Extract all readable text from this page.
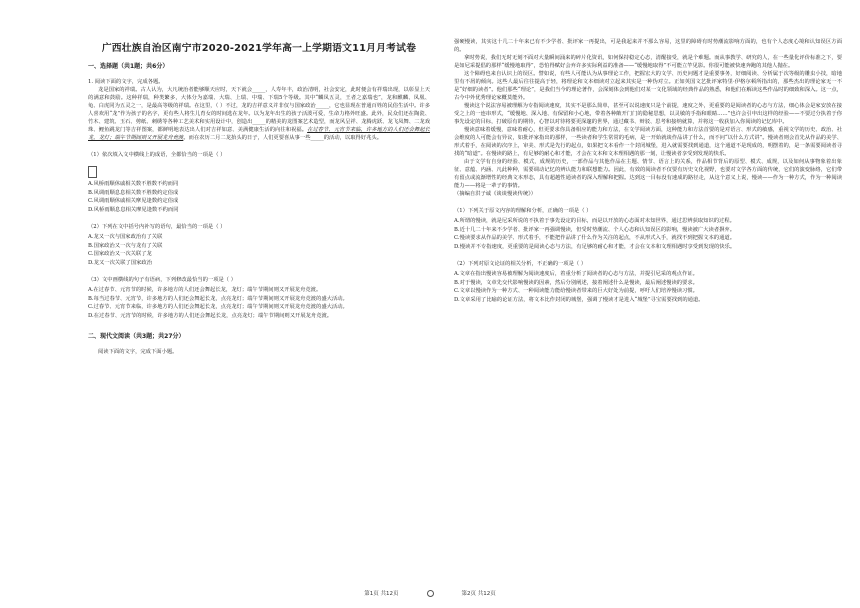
广西壮族自治区南宁市2020-2021学年高一上学期语文11月月考试卷
一、选择题（共1题；共6分）

1. 阅读下面的文字，完成各题。

龙是国家的祥瑞。古人认为，大凡统治者能够顺天应时，天下就会_____，人寿年丰，政治清明，社会安定，此时便会有祥瑞出现，以彰显上天的满意和鼓励。这种祥瑞，种类繁多，大体分为嘉瑞、大瑞、上瑞、中瑞、下瑞5个等级。其中“麟凤五灵，王者之嘉瑞也”，龙和麒麟、凤凰、龟、白虎同为五灵之一，是最高等级的祥瑞。在这里，（ ）不过，龙的吉祥意义并非仅与国家政治_____，它也显现在普通百姓的民俗生活中。许多人喜欢用“龙”作为孩子的名字，更有些人将生儿育女的时间选在龙年。以为龙年出生的孩子活泼可爱，生命力格外旺盛。此外，民众们还在陶瓷、竹木、建筑、玉石、剪纸、刺绣等各种工艺美术和实用设计中，创造出_____的精美的龙图案艺术造型，而龙风呈祥、龙腾虎跃、龙飞凤舞、二龙戏珠、鲤鱼跳龙门等吉祥图案，都鲜明地表达出人们对吉祥如意、美满健康生活的向往和祝福。在过春节、元宵节来临，许多地方的人们还会舞起长龙，龙灯；端午节期间则又开展龙舟竞渡。而在农历二月二龙抬头的日子，人们更要喜从事一些_____的活动，以取得好兆头。

（1）依次填入文中横线上的成语，全都恰当的一项是（ ）
A.风桥雨顺休戚相关数不胜数不约而同
B.风调雨顺息息相关数不胜数约定俗成
C.风调雨顺休戚相关摩见逢数约定俗成
D.风桥雨顺息息相关摩见逢数不约而同
（2）下列在文中括号内补写的语句，最恰当的一项是（ ）
A.龙又一次与国家政治有了关联
B.国家政治又一次与龙有了关联
C.国家政治又一次关联了龙
D.龙又一次关联了国家政治
（3）文中画横线的句子有语病，下列修改最恰当的一项是（ ）
A.在过春节、元宵节的时候，许多地方的人们还会舞起长龙，龙灯；端午节期间则又开展龙舟竞渡。
B.每当过春节、元宵节，许多地方的人们还会舞起长龙，点亮龙灯；端午节期间则又开展龙舟竞渡的盛大活动。
C.过春节、元宵节来临，许多地方的人们还会舞起长龙，点亮龙灯；端午节期间则又开展龙舟竞渡的盛大活动。
D.在过春节、元宵节的时候，许多地方的人们还会舞起长龙，点亮龙灯；端午节期间则又开展龙舟竞渡。
二、现代文阅读（共3题；共27分）

阅读下面的文字，完成下面小题。

强硬慢读，其实这十几二十年来已有不少学者、批评家一再提出，可是我起来并不那么容易，这里的障碍有时势潮流影响方面的，也有个人态度心境和认知误区方面的。

拿时势说，我们无时无刻不面对大量瞬间涌来的碎片化资讯，如何保持稳定心态，清醒接受，就是个难题。而从事教学、研究的人，在一些量化评价标准之下，要是如尼采提倡的那样“缓慢地取得”，恐怕得赋好会弃许多实际利益的准备——“缓慢地取得”不可能立竿见影。你很可能被快速奔跑的其他人抛在。

这个障碍也来自认识上的误区。譬如说，有些人可能认为从事理论工作，把握宏大的文学、历史问题才是重要事务，好细阅读、分析属于次等级的雕虫小技，暗地里有不屑的倾向。这些人最后往往提高于轻，将理论和文本细读对立起来其实是一种伪对立。正如英国文艺批评家特里·伊格尔顿所指出的，那些杰出的理论家无一不是“好细的读者”。他们那些“理论”，是我们当今的理论著作，会深刻体会到他们对某一文化领域的经典作品的熟悉，和他们在解读这些作品时的细致和深入。这一点，古今中外优秀理论家概莫能外。

慢读这个说法容易被理解为专指阅读速度，其实不是那么简单，甚至可以说速度只是个前提，速度之外，更重要的是阅读者的心态与方法，细心体会是家安放在接受之上的一连串形式，“缓慢地、深入地、有保留和小心地，带着各种敞开门门的隐秘思想，以灵敏的手指和眼睛……”也许会引申出这样的经验——不要过分执着于你事先设定的目标，打破原有的期待，心智以对待将要更深邃的世界，通过藏书、辩驳、思考和接纳就算，并将这一收获加入你阅读的记忆库中。

慢读意味着缓慢，意味着耐心，但更要求你具备相应的能力和方法，在文学阅读方面，这种能力和方法首要的是对语言、形式的敏感，重视文学的历史、政治、社会维度的人可能会有异议，如批评家指出的那样，一些读者和学生常常的毛病，是一开始就谈作品讲了什么，而不问“以什么方式讲”。慢读者则会首先从作品的美学、形式着手，在阅读的次序上，审美、形式是先行的起点，如果把文本看作一个封闭城堡，进入就需要找到通道，这个通道不是现成的，明摆着的，是一条需要阅读者寻找的“暗道”。在慢读的路上，有足够的耐心和才能，才会在文本和文本理相遇的那一刻，让慢读者享受到发现的快乐。

由于文学有自身的经验、模式，成规的历史，一部作品与其他作品在主题、情节、语言上的关系，作品相节背后的原型、模式、成规，以及如何从事物象着出象征、意蕴、内涵、凡此种种，需要调动记忆的辨认能力和联想能力。因此，有效的阅读者不仅要有历史文化视野，也要对文学各方面的传统，它们的演变脉络，它们带有留点或流渐增性的经典文本形态，具有超越性通读者的深入理解和把握。达到这一目标没有速成的路径走，从这个意义上说，慢读——作为一种方式，作为一种阅读能力——将是一辈子的事情。

（摘编自洪子诚《谈谈慢读传统》）
（1）下列关于原文内容的理解和分析，正确的一项是（ ）
A.所谓的慢读，就是尼采所说的不执着于事先设定的目标，而是以开放的心态面对未知世界，通过思辨获取知识的过程。
B.近十几二十年来不少学者、批评家一再强调慢读，但受时势潮流、个人心态和认知误区的影响，慢读被广大读者摒弃。
C.慢读要求从作品的美学、形式着手，不能把作品讲了什么作为关注的起点，不从形式入手，就找不到把握文本的通道。
D.慢读并不专指速度，更重要的是阅读心态与方法，有足够的耐心和才能，才会在文本和文理相遇时享受到发现的快乐。
（2）下列对原文论证的相关分析，不正确的一项是（ ）
A.文章在指出慢读容易被理解为阅读速度后，着重分析了阅读者的心态与方法，并提引尼采的观点作证。
B.对于慢读，文章先交代影响慢读的因素，然后分别阐述，接着阐述什么是慢读，最后阐述慢读的要求。
C.文章以慢读作为一种方式、一种阅读能力能给慢读者带来的巨大好处为前提，呼吁人们培养慢读习惯。
D.文章采用了比喻的论证方法，将文本比作封闭的城堡，强调了慢读才是进入“城堡”寻宝需要找到的通道。
第1页 共12页	第2页 共12页
